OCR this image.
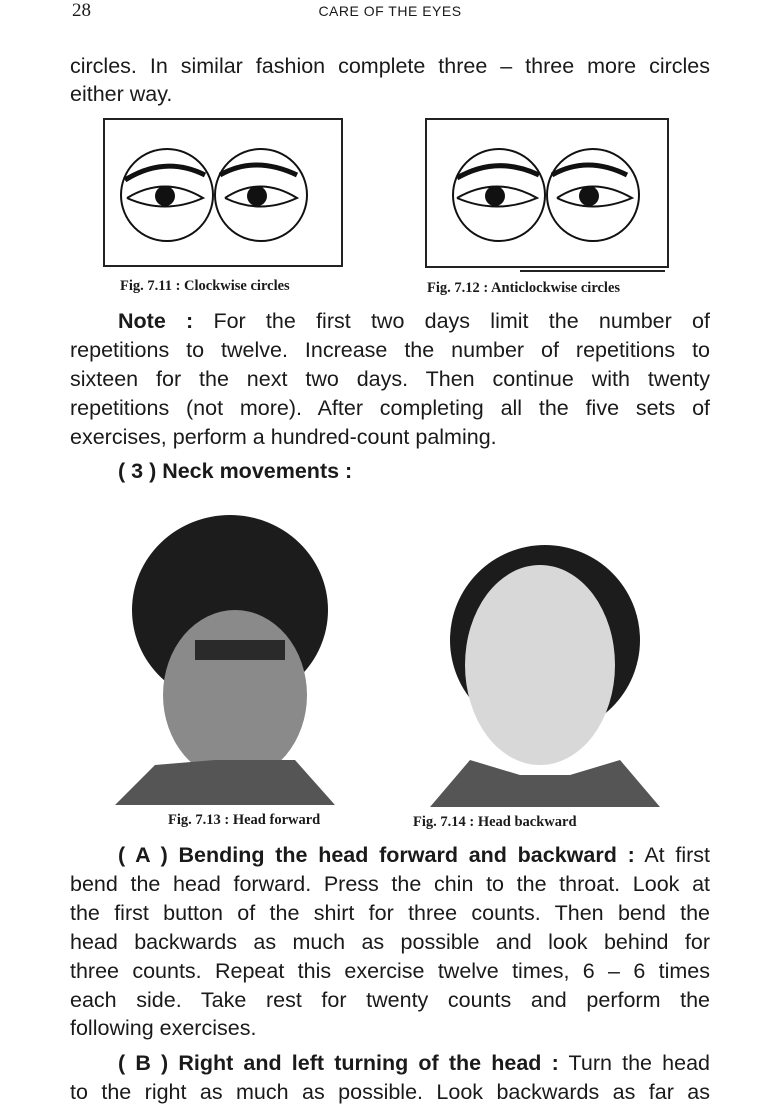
28	CARE OF THE EYES
circles. In similar fashion complete three – three more circles
either way.
Fig. 7.11 : Clockwise circles	Fig. 7.12 : Anticlockwise circles
Note : For the first two days limit the number of
repetitions to twelve. Increase the number of repetitions to
sixteen for the next two days. Then continue with twenty
repetitions (not more). After completing all the five sets of
exercises, perform a hundred-count palming.
( 3 ) Neck movements :
Fig. 7.13 : Head forward	Fig. 7.14 : Head backward
( A ) Bending the head forward and backward : At first
bend the head forward. Press the chin to the throat. Look at
the first button of the shirt for three counts. Then bend the
head backwards as much as possible and look behind for
three counts. Repeat this exercise twelve times, 6 – 6 times
each side. Take rest for twenty counts and perform the
following exercises.
( B ) Right and left turning of the head : Turn the head
to the right as much as possible. Look backwards as far as
